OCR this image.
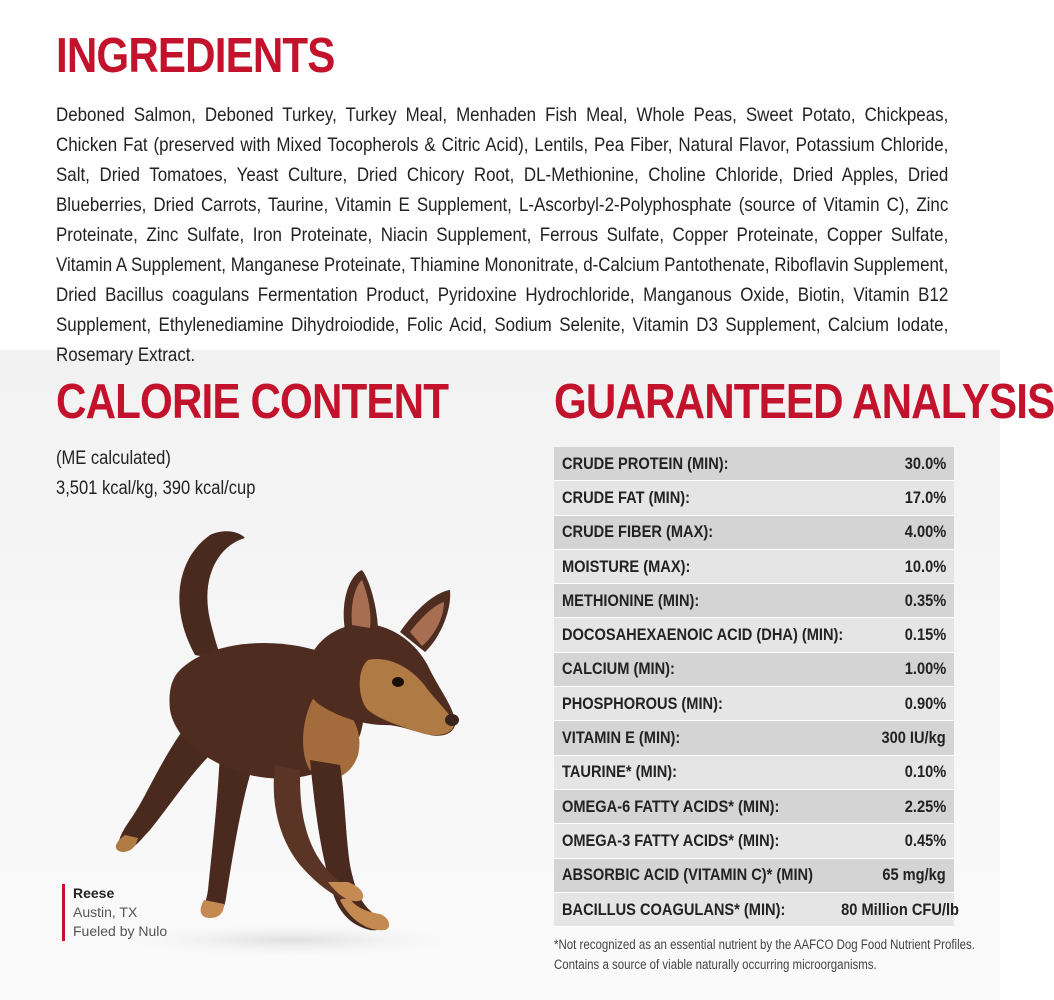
INGREDIENTS
Deboned Salmon, Deboned Turkey, Turkey Meal, Menhaden Fish Meal, Whole Peas, Sweet Potato, Chickpeas, Chicken Fat (preserved with Mixed Tocopherols & Citric Acid), Lentils, Pea Fiber, Natural Flavor, Potassium Chloride, Salt, Dried Tomatoes, Yeast Culture, Dried Chicory Root, DL-Methionine, Choline Chloride, Dried Apples, Dried Blueberries, Dried Carrots, Taurine, Vitamin E Supplement, L-Ascorbyl-2-Polyphosphate (source of Vitamin C), Zinc Proteinate, Zinc Sulfate, Iron Proteinate, Niacin Supplement, Ferrous Sulfate, Copper Proteinate, Copper Sulfate, Vitamin A Supplement, Manganese Proteinate, Thiamine Mononitrate, d-Calcium Pantothenate, Riboflavin Supplement, Dried Bacillus coagulans Fermentation Product, Pyridoxine Hydrochloride, Manganous Oxide, Biotin, Vitamin B12 Supplement, Ethylenediamine Dihydroiodide, Folic Acid, Sodium Selenite, Vitamin D3 Supplement, Calcium Iodate, Rosemary Extract.
CALORIE CONTENT
(ME calculated)
3,501 kcal/kg, 390 kcal/cup
Reese
Austin, TX
Fueled by Nulo
GUARANTEED ANALYSIS
CRUDE PROTEIN (MIN):	30.0%
CRUDE FAT (MIN):	17.0%
CRUDE FIBER (MAX):	4.00%
MOISTURE (MAX):	10.0%
METHIONINE (MIN):	0.35%
DOCOSAHEXAENOIC ACID (DHA) (MIN):	0.15%
CALCIUM (MIN):	1.00%
PHOSPHOROUS (MIN):	0.90%
VITAMIN E (MIN):	300 IU/kg
TAURINE* (MIN):	0.10%
OMEGA-6 FATTY ACIDS* (MIN):	2.25%
OMEGA-3 FATTY ACIDS* (MIN):	0.45%
ABSORBIC ACID (VITAMIN C)* (MIN)	65 mg/kg
BACILLUS COAGULANS* (MIN):	80 Million CFU/lb
*Not recognized as an essential nutrient by the AAFCO Dog Food Nutrient Profiles.
Contains a source of viable naturally occurring microorganisms.
